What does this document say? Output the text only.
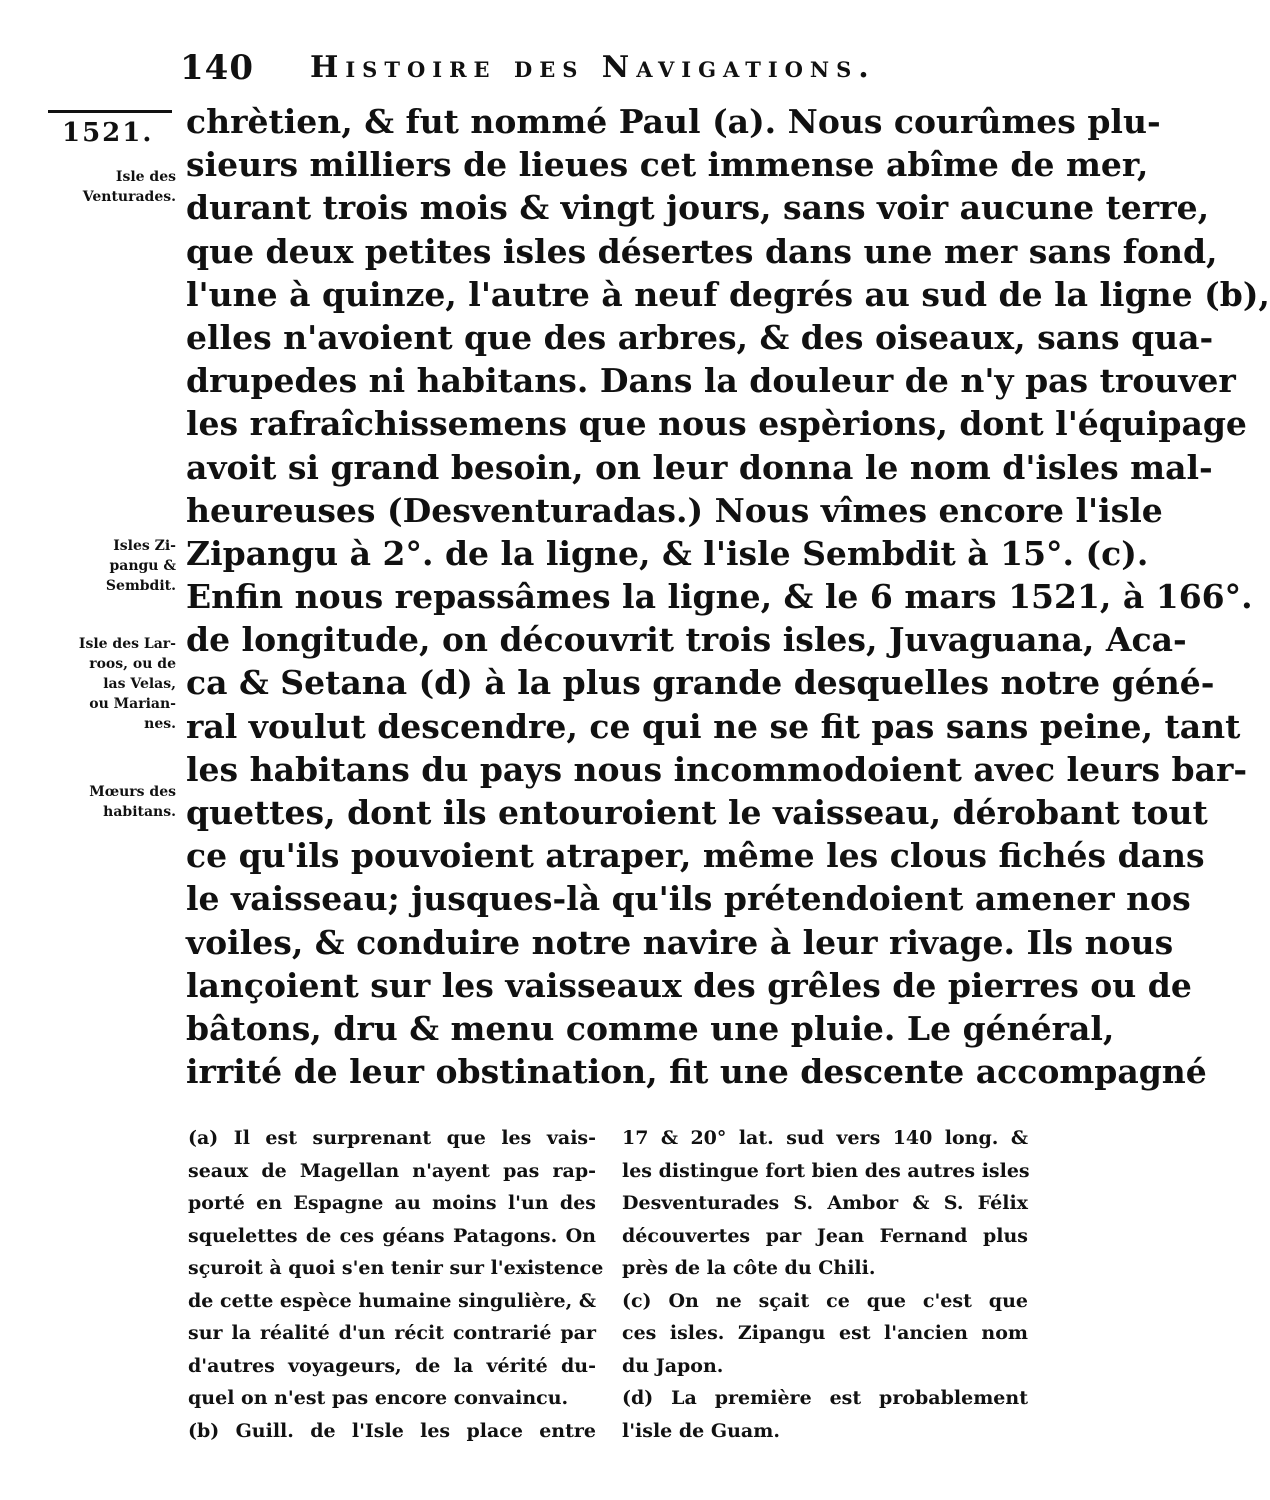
140 Histoire des Navigations.
1521.
Isle des
Venturades.
Isles Zi-
pangu &
Sembdit.
Isle des Lar-
roos, ou de
las Velas,
ou Marian-
nes.
Mœurs des
habitans.
chrètien, & fut nommé Paul (a). Nous courûmes plu-
sieurs milliers de lieues cet immense abîme de mer,
durant trois mois & vingt jours, sans voir aucune terre,
que deux petites isles désertes dans une mer sans fond,
l'une à quinze, l'autre à neuf degrés au sud de la ligne (b),
elles n'avoient que des arbres, & des oiseaux, sans qua-
drupedes ni habitans. Dans la douleur de n'y pas trouver
les rafraîchissemens que nous espèrions, dont l'équipage
avoit si grand besoin, on leur donna le nom d'isles mal-
heureuses (Desventuradas.) Nous vîmes encore l'isle
Zipangu à 2°. de la ligne, & l'isle Sembdit à 15°. (c).
Enfin nous repassâmes la ligne, & le 6 mars 1521, à 166°.
de longitude, on découvrit trois isles, Juvaguana, Aca-
ca & Setana (d) à la plus grande desquelles notre géné-
ral voulut descendre, ce qui ne se fit pas sans peine, tant
les habitans du pays nous incommodoient avec leurs bar-
quettes, dont ils entouroient le vaisseau, dérobant tout
ce qu'ils pouvoient atraper, même les clous fichés dans
le vaisseau; jusques-là qu'ils prétendoient amener nos
voiles, & conduire notre navire à leur rivage. Ils nous
lançoient sur les vaisseaux des grêles de pierres ou de
bâtons, dru & menu comme une pluie. Le général,
irrité de leur obstination, fit une descente accompagné
(a) Il est surprenant que les vais-
seaux de Magellan n'ayent pas rap-
porté en Espagne au moins l'un des
squelettes de ces géans Patagons. On
sçuroit à quoi s'en tenir sur l'existence
de cette espèce humaine singulière, &
sur la réalité d'un récit contrarié par
d'autres voyageurs, de la vérité du-
quel on n'est pas encore convaincu.
(b) Guill. de l'Isle les place entre
17 & 20° lat. sud vers 140 long. &
les distingue fort bien des autres isles
Desventurades S. Ambor & S. Félix
découvertes par Jean Fernand plus
près de la côte du Chili.
(c) On ne sçait ce que c'est que
ces isles. Zipangu est l'ancien nom
du Japon.
(d) La première est probablement
l'isle de Guam.
